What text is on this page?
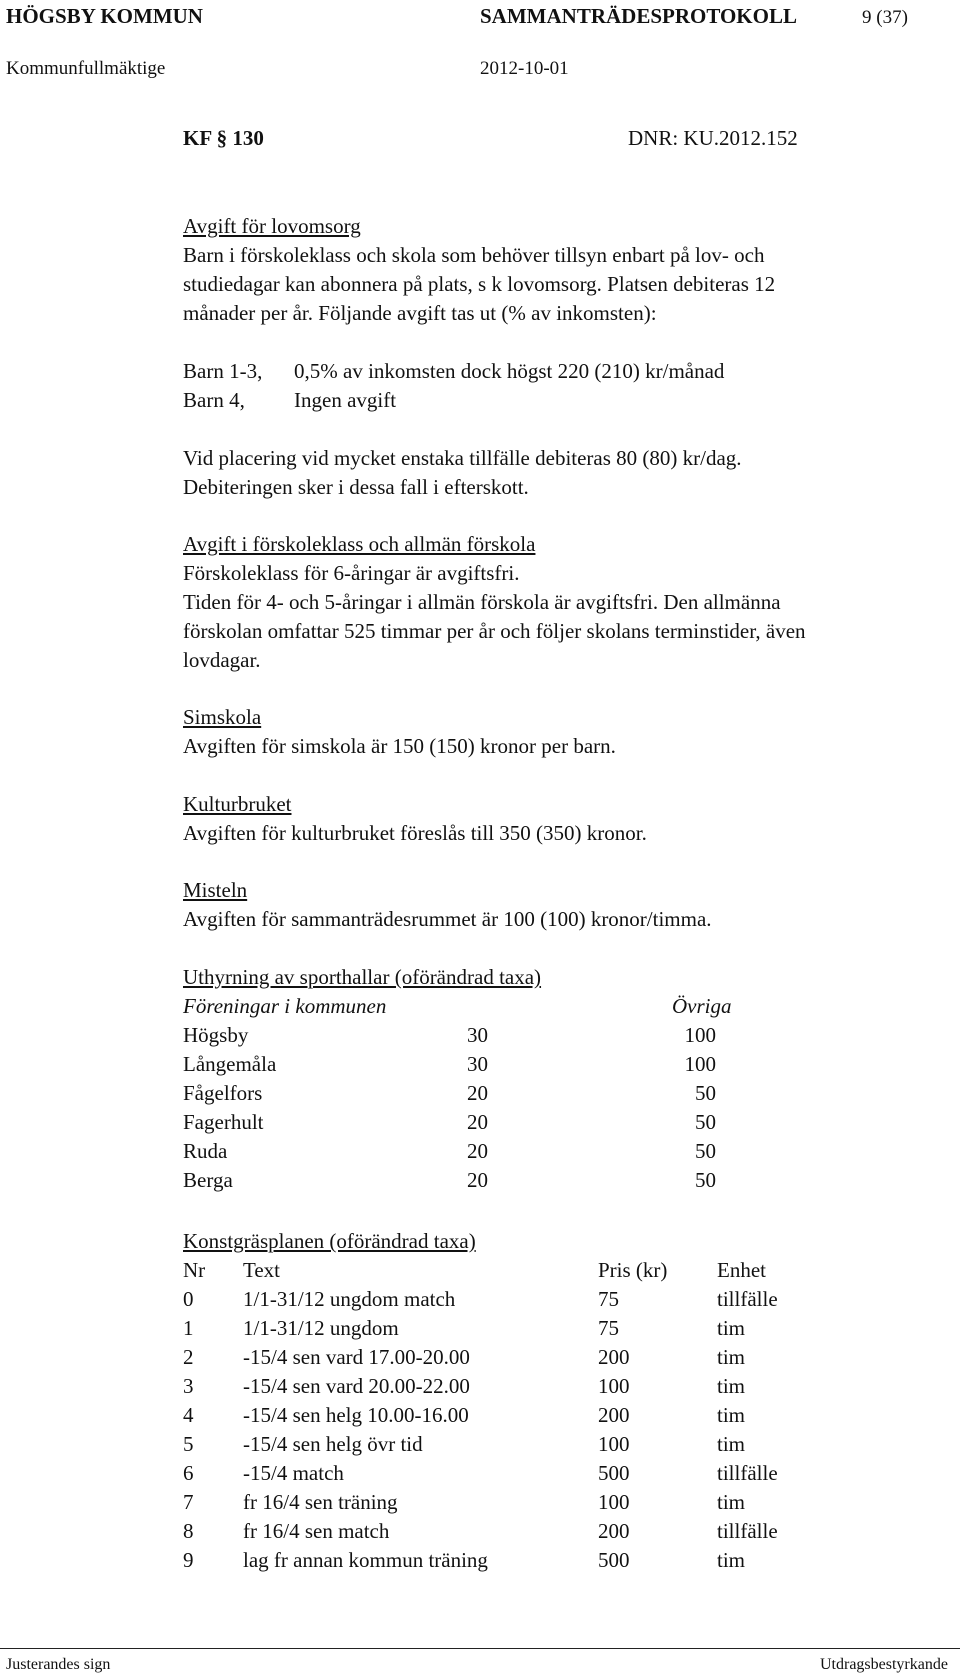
HÖGSBY KOMMUN	SAMMANTRÄDESPROTOKOLL	9 (37)
Kommunfullmäktige	2012-10-01
KF § 130	DNR: KU.2012.152
Avgift för lovomsorg
Barn i förskoleklass och skola som behöver tillsyn enbart på lov- och
studiedagar kan abonnera på plats, s k lovomsorg. Platsen debiteras 12
månader per år. Följande avgift tas ut (% av inkomsten):
Barn 1-3, 0,5% av inkomsten dock högst 220 (210) kr/månad
Barn 4, Ingen avgift
Vid placering vid mycket enstaka tillfälle debiteras 80 (80) kr/dag.
Debiteringen sker i dessa fall i efterskott.
Avgift i förskoleklass och allmän förskola
Förskoleklass för 6-åringar är avgiftsfri.
Tiden för 4- och 5-åringar i allmän förskola är avgiftsfri. Den allmänna
förskolan omfattar 525 timmar per år och följer skolans terminstider, även
lovdagar.
Simskola
Avgiften för simskola är 150 (150) kronor per barn.
Kulturbruket
Avgiften för kulturbruket föreslås till 350 (350) kronor.
Misteln
Avgiften för sammanträdesrummet är 100 (100) kronor/timma.
Uthyrning av sporthallar (oförändrad taxa)
Föreningar i kommunen	Övriga
Högsby	30	100
Långemåla	30	100
Fågelfors	20	50
Fagerhult	20	50
Ruda	20	50
Berga	20	50
Konstgräsplanen (oförändrad taxa)
Nr Text	Pris (kr) Enhet
0 1/1-31/12 ungdom match	75	tillfälle
1 1/1-31/12 ungdom	75	tim
2 -15/4 sen vard 17.00-20.00	200	tim
3 -15/4 sen vard 20.00-22.00	100	tim
4 -15/4 sen helg 10.00-16.00	200	tim
5 -15/4 sen helg övr tid	100	tim
6 -15/4 match	500	tillfälle
7 fr 16/4 sen träning	100	tim
8 fr 16/4 sen match	200	tillfälle
9 lag fr annan kommun träning	500	tim
Justerandes sign	Utdragsbestyrkande
